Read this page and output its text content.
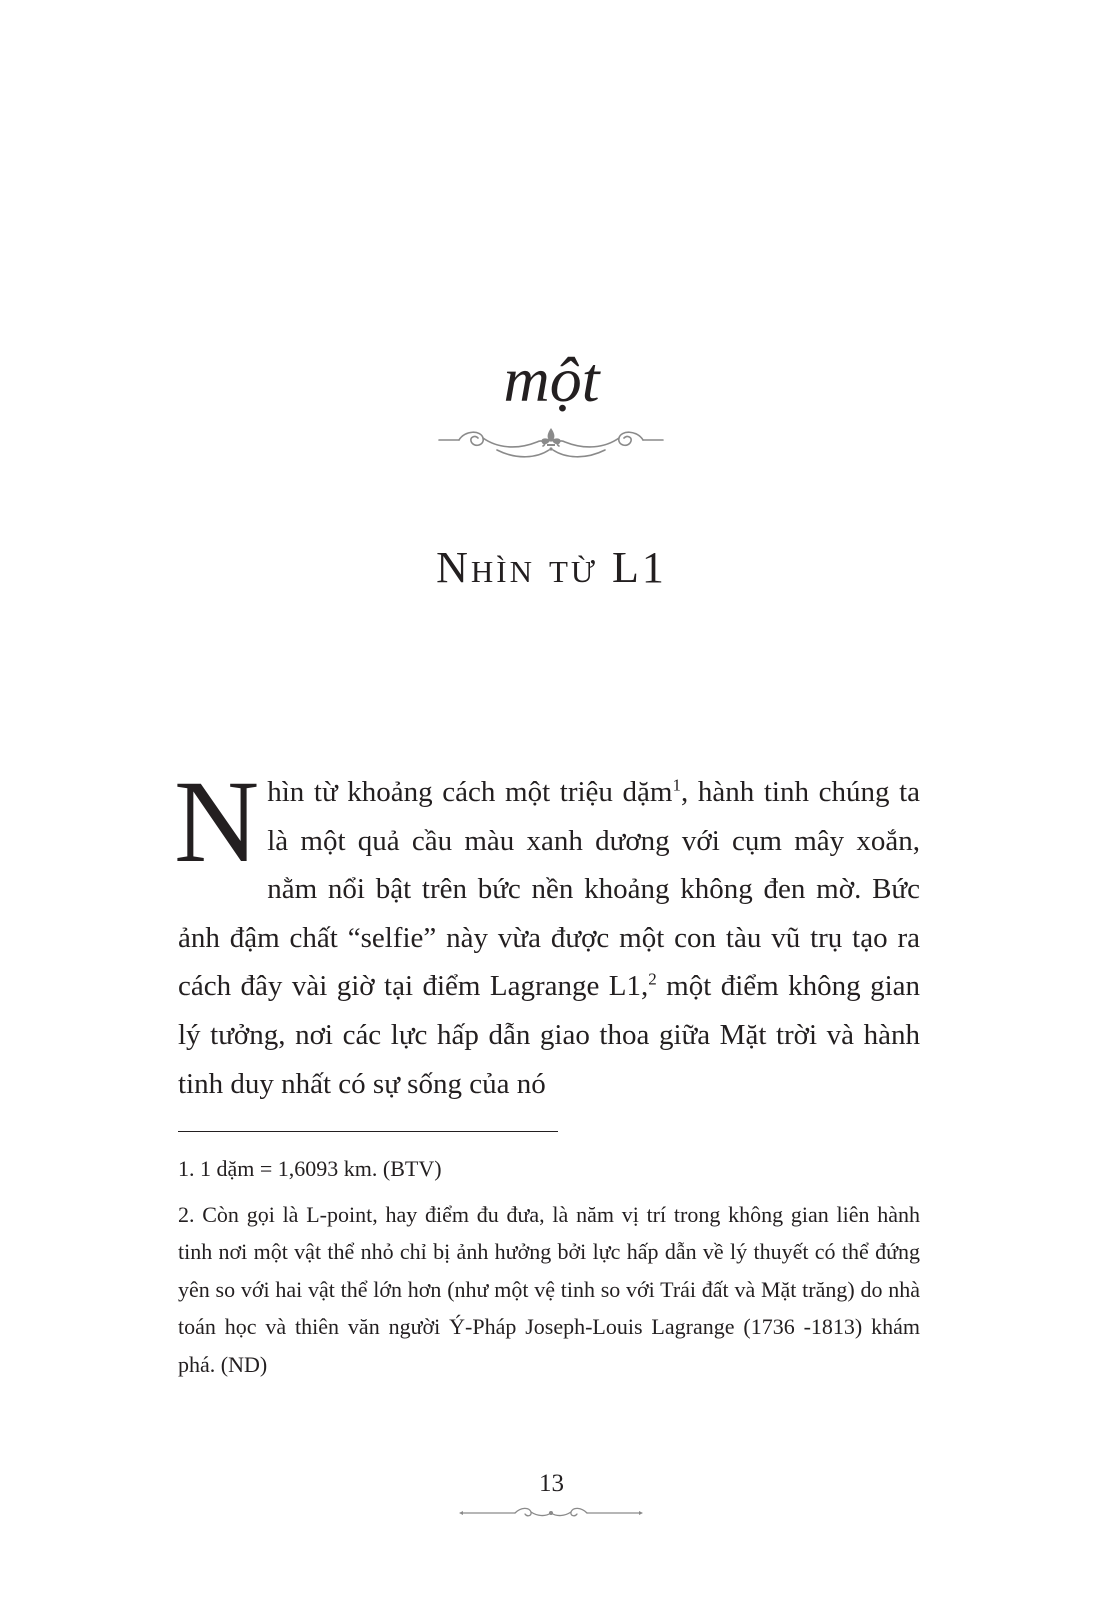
một
Nhìn từ L1
Nhìn từ khoảng cách một triệu dặm$^1$, hành tinh chúng ta là một quả cầu màu xanh dương với cụm mây xoắn, nằm nổi bật trên bức nền khoảng không đen mờ. Bức ảnh đậm chất “selfie” này vừa được một con tàu vũ trụ tạo ra cách đây vài giờ tại điểm Lagrange L1,$^2$ một điểm không gian lý tưởng, nơi các lực hấp dẫn giao thoa giữa Mặt trời và hành tinh duy nhất có sự sống của nó

1. 1 dặm = 1,6093 km. (BTV)

2. Còn gọi là L-point, hay điểm đu đưa, là năm vị trí trong không gian liên hành tinh nơi một vật thể nhỏ chỉ bị ảnh hưởng bởi lực hấp dẫn về lý thuyết có thể đứng yên so với hai vật thể lớn hơn (như một vệ tinh so với Trái đất và Mặt trăng) do nhà toán học và thiên văn người Ý-Pháp Joseph-Louis Lagrange (1736 -1813) khám phá. (ND)

13
